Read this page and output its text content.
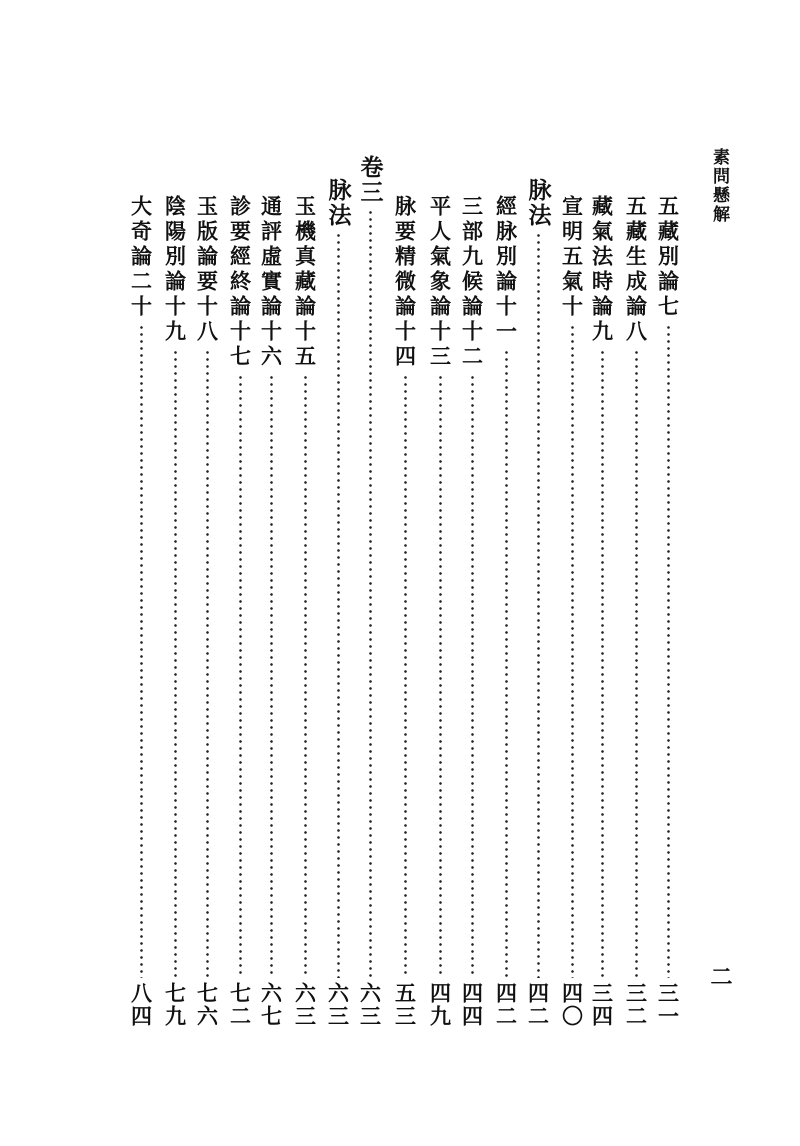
素問懸解
二
五藏別論七
三一
五藏生成論八
三二
藏氣法時論九
三四
宣明五氣十
四〇
脉法
四二
經脉別論十一
四二
三部九候論十二
四四
平人氣象論十三
四九
脉要精微論十四
五三
卷三
六三
脉法
六三
玉機真藏論十五
六三
通評虛實論十六
六七
診要經終論十七
七二
玉版論要十八
七六
陰陽別論十九
七九
大奇論二十
八四
